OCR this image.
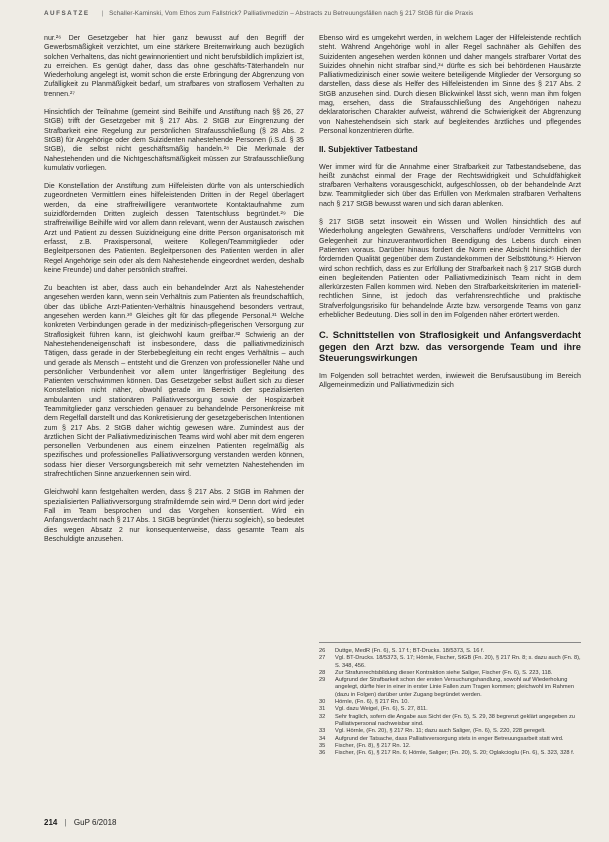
AUFSÄTZE | Schaller-Kaminski, Vom Ethos zum Fallstrick? Palliativmedizin – Abstracts zu Betreuungsfällen nach § 217 StGB für die Praxis

nur.²⁶ Der Gesetzgeber hat hier ganz bewusst auf den Begriff der Gewerbsmäßigkeit verzichtet, um eine stärkere Breitenwirkung auch bezüglich solchen Verhaltens, das nicht gewinnorientiert und nicht berufsbildlich impliziert ist, zu erreichen. Es genügt daher, dass das ohne geschäfts-Täterhandeln nur Wiederholung angelegt ist, womit schon die erste Erbringung der Abgrenzung von Zufälligkeit zu Planmäßigkeit bedarf, um strafbares von straflosem Verhalten zu trennen.²⁷

Hinsichtlich der Teilnahme (gemeint sind Beihilfe und Anstiftung nach §§ 26, 27 StGB) trifft der Gesetzgeber mit § 217 Abs. 2 StGB zur Eingrenzung der Strafbarkeit eine Regelung zur persönlichen Strafausschließung (§ 28 Abs. 2 StGB) für Angehörige oder dem Suizidenten nahestehende Personen (i.S.d. § 35 StGB), die selbst nicht geschäftsmäßig handeln.²⁸ Die Merkmale der Nahestehenden und die Nichtgeschäftsmäßigkeit müssen zur Strafausschließung kumulativ vorliegen.

Die Konstellation der Anstiftung zum Hilfeleisten dürfte von als unterschiedlich zugeordneten Vermittlern eines hilfeleistenden Dritten in der Regel überlagert werden, da eine straffreiwilligere verantwortete Kontaktaufnahme zum suizidfördernden Dritten zugleich dessen Tatentschluss begründet.²⁹ Die straffreiwillige Beihilfe wird vor allem dann relevant, wenn der Austausch zwischen Arzt und Patient zu dessen Suizidneigung eine dritte Person organisatorisch mit erfasst, z.B. Praxispersonal, weitere Kollegen/Teammitglieder oder Begleitpersonen des Patienten. Begleitpersonen des Patienten werden in aller Regel Angehörige sein oder als dem Nahestehende eingeordnet werden, deshalb keine Freunde) und daher persönlich straffrei.

Zu beachten ist aber, dass auch ein behandelnder Arzt als Nahestehender angesehen werden kann, wenn sein Verhältnis zum Patienten als freundschaftlich, über das übliche Arzt-Patienten-Verhältnis hinausgehend besonders vertraut, angesehen werden kann.³⁰ Gleiches gilt für das pflegende Personal.³¹ Welche konkreten Verbindungen gerade in der medizinisch-pflegerischen Versorgung zur Straflosigkeit führen kann, ist gleichwohl kaum greifbar.³² Schwierig an der Nahestehendeneigenschaft ist insbesondere, dass die palliativmedizinisch Tätigen, dass gerade in der Sterbebegleitung ein recht enges Verhältnis – auch und gerade als Mensch – entsteht und die Grenzen von professioneller Nähe und persönlicher Verbundenheit vor allem unter längerfristiger Begleitung des Patienten verschwimmen können. Das Gesetzgeber selbst äußert sich zu dieser Konstellation nicht näher, obwohl gerade im Bereich der spezialisierten ambulanten und stationären Palliativversorgung sowie der Hospizarbeit Teammitglieder ganz verschieden genauer zu behandelnde Personenkreise mit dem Regelfall darstellt und das Konkretisierung der gesetzgeberischen Intentionen zum § 217 Abs. 2 StGB daher wichtig gewesen wäre. Zumindest aus der ärztlichen Sicht der Palliativmedizinischen Teams wird wohl aber mit dem engeren personellen Verbundenen aus einem einzelnen Patienten regelmäßig als spezifisches und professionelles Palliativversorgung verstanden werden können, sodass hier dieser Versorgungsbereich mit sehr vernetzten Nahestehenden im strafrechtlichen Sinne anzuerkennen sein wird.

Gleichwohl kann festgehalten werden, dass § 217 Abs. 2 StGB im Rahmen der spezialisierten Palliativversorgung strafmildernde sein wird.³³ Denn dort wird jeder Fall im Team besprochen und das Vorgehen konsentiert. Wird ein Anfangsverdacht nach § 217 Abs. 1 StGB begründet (hierzu sogleich), so bedeutet dies wegen Absatz 2 nur konsequenterweise, dass gesamte Team als Beschuldigte anzusehen.

Ebenso wird es umgekehrt werden, in welchem Lager der Hilfeleistende rechtlich steht. Während Angehörige wohl in aller Regel sachnäher als Gehilfen des Suizidenten angesehen werden können und daher mangels strafbarer Vortat des Suizides ohnehin nicht strafbar sind,³⁴ dürfte es sich bei behördenen Hausärzte Palliativmedizinisch einer sowie weitere beteiligende Mitglieder der Versorgung so darstellen, dass diese als Helfer des Hilfeleistenden im Sinne des § 217 Abs. 2 StGB anzusehen sind. Durch diesen Blickwinkel lässt sich, wenn man ihm folgen mag, ersehen, dass die Strafausschließung des Angehörigen nahezu deklaratorischen Charakter aufweist, während die Schwierigkeit der Abgrenzung von Nahestehendsein sich stark auf begleitendes ärztliches und pflegendes Personal konzentrieren dürfte.

II. Subjektiver Tatbestand

Wer immer wird für die Annahme einer Strafbarkeit zur Tatbestandsebene, das heißt zunächst einmal der Frage der Rechtswidrigkeit und Schuldfähigkeit strafbaren Verhaltens vorausgeschickt, aufgeschlossen, ob der behandelnde Arzt bzw. Teammitglieder sich über das Erfüllen von Merkmalen strafbaren Verhaltens nach § 217 StGB bewusst waren und sich daran ablenken.

§ 217 StGB setzt insoweit ein Wissen und Wollen hinsichtlich des auf Wiederholung angelegten Gewährens, Verschaffens und/oder Vermittelns von Gelegenheit zur hinzuverantwortlichen Beendigung des Lebens durch einen Patienten voraus. Darüber hinaus fordert die Norm eine Absicht hinsichtlich der fördernden Qualität gegenüber dem Zustandekommen der Selbsttötung.³⁵ Hiervon wird schon rechtlich, dass es zur Erfüllung der Strafbarkeit nach § 217 StGB durch einen begleitenden Patienten oder Palliativmedizinisch Team nicht in dem allerkürzesten Fallen kommen wird. Neben den Strafbarkeitskriterien im materiell-rechtlichen Sinne, ist jedoch das verfahrensrechtliche und praktische Strafverfolgungsrisiko für behandelnde Ärzte bzw. versorgende Teams von ganz erheblicher Bedeutung. Dies soll in den im Folgenden näher erörtert werden.

C. Schnittstellen von Straflosigkeit und Anfangsverdacht gegen den Arzt bzw. das versorgende Team und ihre Steuerungswirkungen

Im Folgenden soll betrachtet werden, inwieweit die Berufsausübung im Bereich Allgemeinmedizin und Palliativmedizin sich

26	Duttge, MedR (Fn. 6), S. 17 f.; BT-Drucks. 18/5373, S. 16 f.
27	Vgl. BT-Drucks. 18/5373, S. 17; Hörnle, Fischer, StGB (Fn. 20), § 217 Rn. 8; s. dazu auch (Fn. 8), S. 348, 456.
28	Zur Strafunrechtsbildung dieser Kontraktion siehe Saliger, Fischer (Fn. 6), S. 223, 118.
29	Aufgrund der Strafbarkeit schon der ersten Versuchungshandlung, sowohl auf Wiederholung angelegt, dürfte hier in einer in erster Linie Fallen zum Tragen kommen; gleichwohl im Rahmen (dazu in Folgen) darüber unter Zugang begründet werden.
30	Hörnle, (Fn. 6), § 217 Rn. 10.
31	Vgl. dazu Weigel, (Fn. 6), S. 27, 811.
32	Sehr fraglich, sofern die Angabe aus Sicht der (Fn. 5), S. 29, 38 begrenzt geklärt angegeben zu Palliativpersonal nachweisbar sind.
33	Vgl. Hörnle, (Fn. 20), § 217 Rn. 11; dazu auch Saliger, (Fn. 6), S. 220, 228 geregelt.
34	Aufgrund der Tatsache, dass Palliativversorgung stets in enger Betreuungsarbeit statt wird.
35	Fischer, (Fn. 8), § 217 Rn. 12.
36	Fischer, (Fn. 6), § 217 Rn. 6; Hörnle, Saliger; (Fn. 20), S. 20; Oglakcioglu (Fn. 6), S. 323, 328 f.
214 | GuP 6/2018
